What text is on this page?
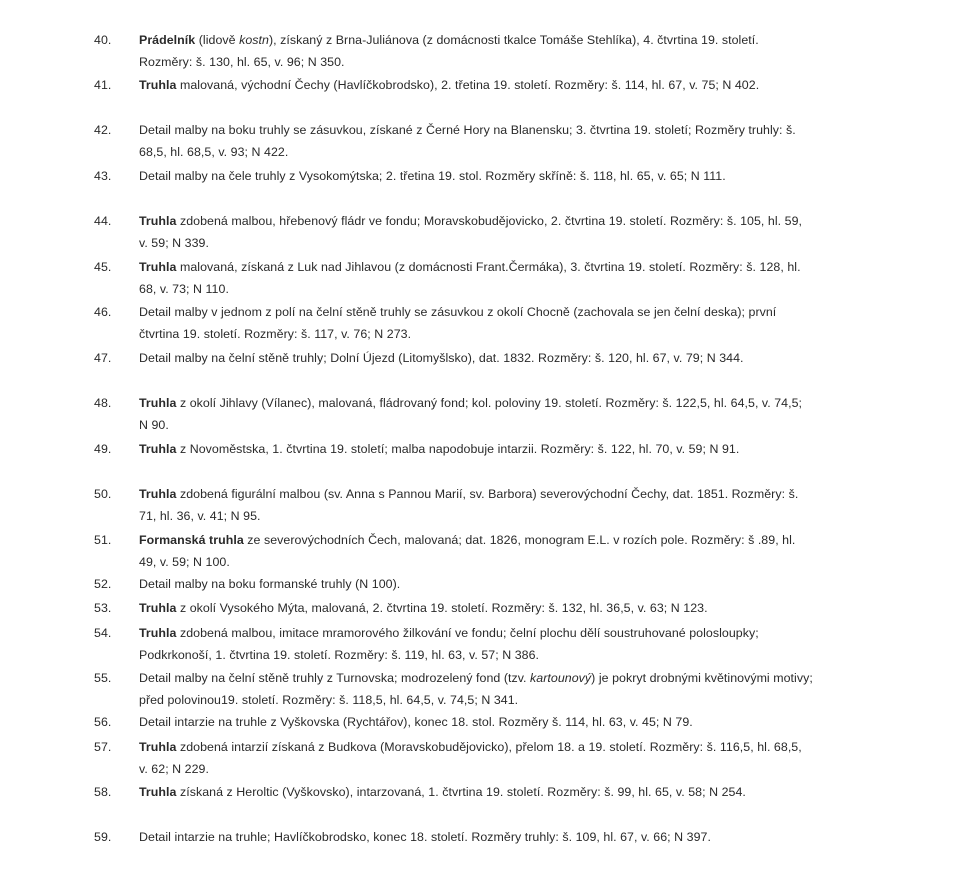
40.	Prádelník (lidově kostn), získaný z Brna-Juliánova (z domácnosti tkalce Tomáše Stehlíka), 4. čtvrtina 19. století. Rozměry: š. 130, hl. 65, v. 96; N 350.
41.	Truhla malovaná, východní Čechy (Havlíčkobrodsko), 2. třetina 19. století. Rozměry: š. 114, hl. 67, v. 75; N 402.
42.	Detail malby na boku truhly se zásuvkou, získané z Černé Hory na Blanensku; 3. čtvrtina 19. století; Rozměry truhly: š. 68,5, hl. 68,5, v. 93; N 422.
43.	Detail malby na čele truhly z Vysokomýtska; 2. třetina 19. stol. Rozměry skříně: š. 118, hl. 65, v. 65; N 111.
44.	Truhla zdobená malbou, hřebenový fládr ve fondu; Moravskobudějovicko, 2. čtvrtina 19. století. Rozměry: š. 105, hl. 59, v. 59; N 339.
45.	Truhla malovaná, získaná z Luk nad Jihlavou (z domácnosti Frant.Čermáka), 3. čtvrtina 19. století. Rozměry: š. 128, hl. 68, v. 73; N 110.
46.	Detail malby v jednom z polí na čelní stěně truhly se zásuvkou z okolí Chocně (zachovala se jen čelní deska); první čtvrtina 19. století. Rozměry: š. 117, v. 76; N 273.
47.	Detail malby na čelní stěně truhly; Dolní Újezd (Litomyšlsko), dat. 1832. Rozměry: š. 120, hl. 67, v. 79; N 344.
48.	Truhla z okolí Jihlavy (Vílanec), malovaná, fládrovaný fond; kol. poloviny 19. století. Rozměry: š. 122,5, hl. 64,5, v. 74,5; N 90.
49.	Truhla z Novoměstska, 1. čtvrtina 19. století; malba napodobuje intarzii. Rozměry: š. 122, hl. 70, v. 59; N 91.
50.	Truhla zdobená figurální malbou (sv. Anna s Pannou Marií, sv. Barbora) severovýchodní Čechy, dat. 1851. Rozměry: š. 71, hl. 36, v. 41; N 95.
51.	Formanská truhla ze severovýchodních Čech, malovaná; dat. 1826, monogram E.L. v rozích pole. Rozměry: š .89, hl. 49, v. 59; N 100.
52.	Detail malby na boku formanské truhly (N 100).
53.	Truhla z okolí Vysokého Mýta, malovaná, 2. čtvrtina 19. století. Rozměry: š. 132, hl. 36,5, v. 63; N 123.
54.	Truhla zdobená malbou, imitace mramorového žilkování ve fondu; čelní plochu dělí soustruhované polosloupky; Podkrkonoší, 1. čtvrtina 19. století. Rozměry: š. 119, hl. 63, v. 57; N 386.
55.	Detail malby na čelní stěně truhly z Turnovska; modrozelený fond (tzv. kartounový) je pokryt drobnými květinovými motivy; před polovinou19. století. Rozměry: š. 118,5, hl. 64,5, v. 74,5; N 341.
56.	Detail intarzie na truhle z Vyškovska (Rychtářov), konec 18. stol. Rozměry š. 114, hl. 63, v. 45; N 79.
57.	Truhla zdobená intarzií získaná z Budkova (Moravskobudějovicko), přelom 18. a 19. století. Rozměry: š. 116,5, hl. 68,5, v. 62; N 229.
58.	Truhla získaná z Heroltic (Vyškovsko), intarzovaná, 1. čtvrtina 19. století. Rozměry: š. 99, hl. 65, v. 58; N 254.
59.	Detail intarzie na truhle; Havlíčkobrodsko, konec 18. století. Rozměry truhly: š. 109, hl. 67, v. 66; N 397.
